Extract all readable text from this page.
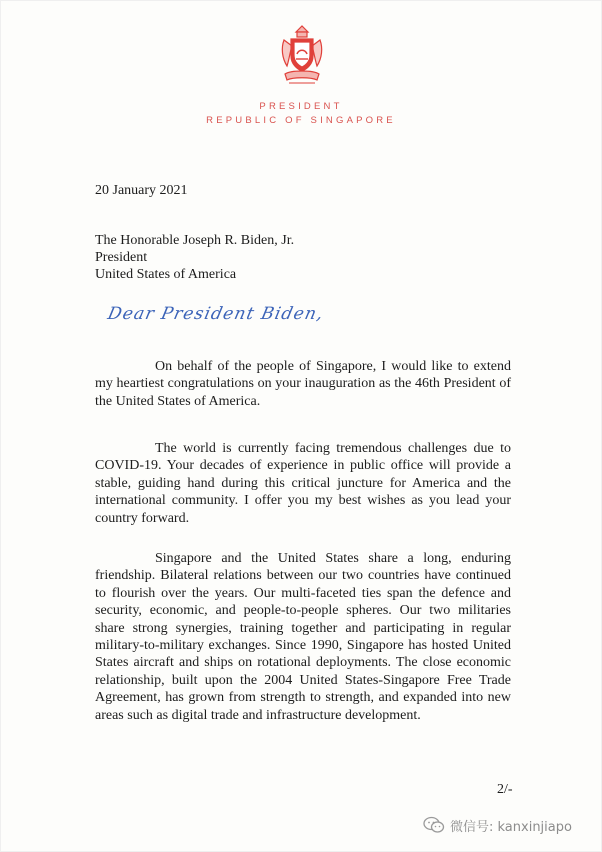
PRESIDENT
REPUBLIC OF SINGAPORE
20 January 2021
The Honorable Joseph R. Biden, Jr.
President
United States of America
Dear President Biden,

On behalf of the people of Singapore, I would like to extend my heartiest congratulations on your inauguration as the 46th President of the United States of America.

The world is currently facing tremendous challenges due to COVID-19. Your decades of experience in public office will provide a stable, guiding hand during this critical juncture for America and the international community. I offer you my best wishes as you lead your country forward.

Singapore and the United States share a long, enduring friendship. Bilateral relations between our two countries have continued to flourish over the years. Our multi-faceted ties span the defence and security, economic, and people-to-people spheres. Our two militaries share strong synergies, training together and participating in regular military-to-military exchanges. Since 1990, Singapore has hosted United States aircraft and ships on rotational deployments. The close economic relationship, built upon the 2004 United States-Singapore Free Trade Agreement, has grown from strength to strength, and expanded into new areas such as digital trade and infrastructure development.

2/-
微信号: kanxinjiapo
